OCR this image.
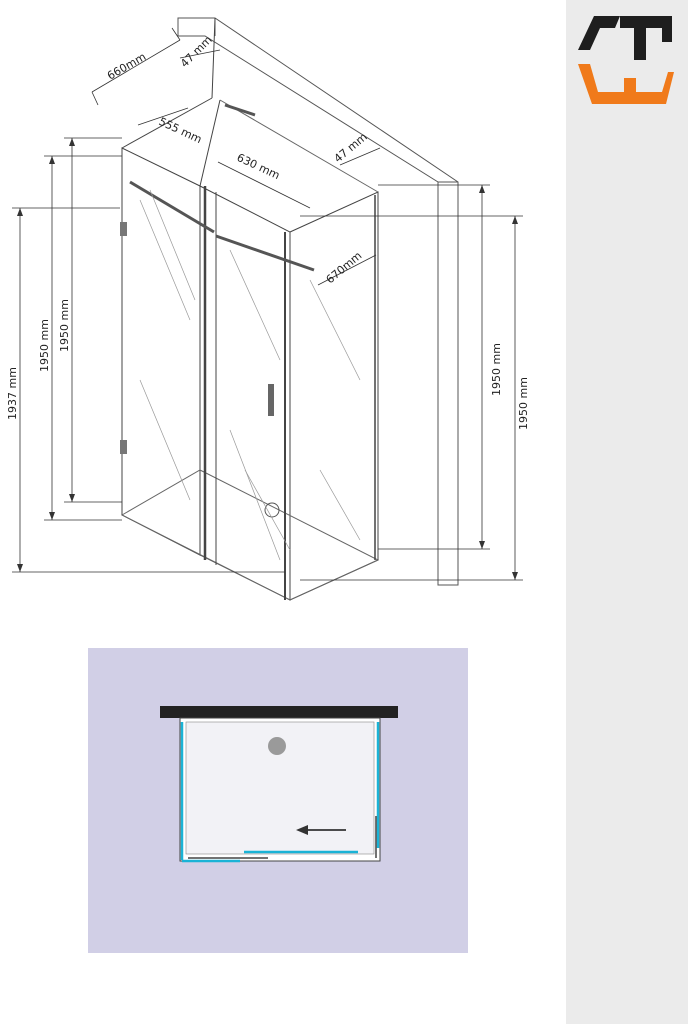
660mm	47 mm
555 mm
630 mm
47 mm
670mm
1937 mm
1950 mm 1950 mm
1950 mm
1950 mm
